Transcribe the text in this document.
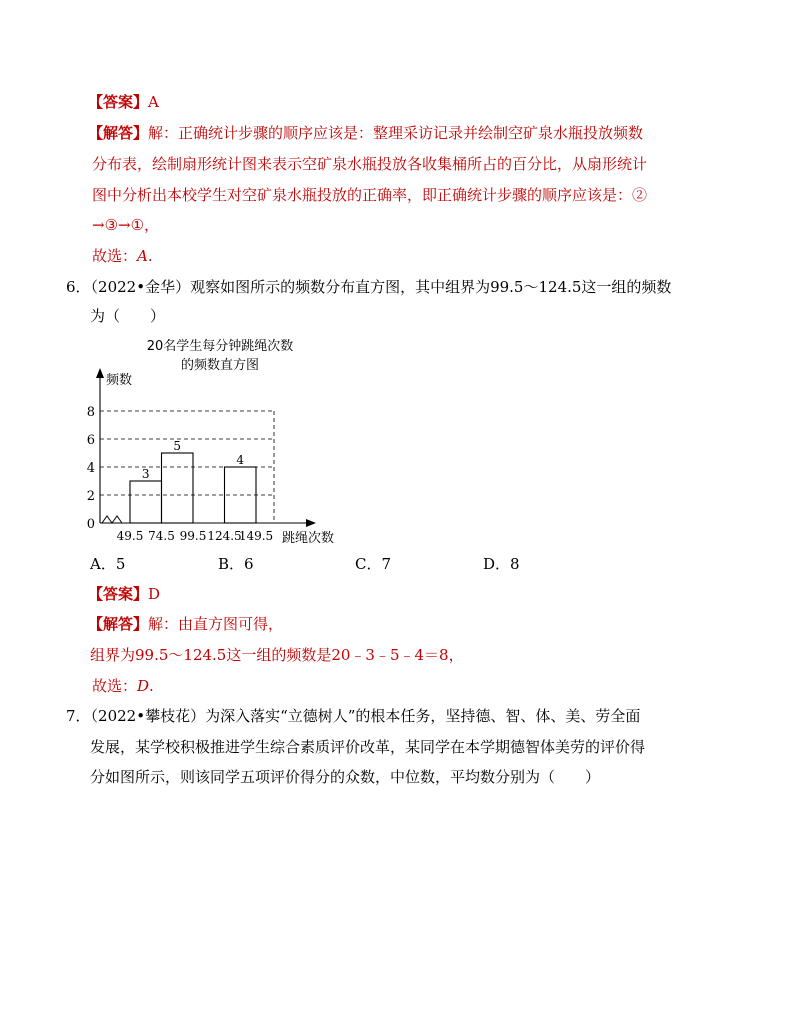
【答案】A
【解答】解：正确统计步骤的顺序应该是：整理采访记录并绘制空矿泉水瓶投放频数
分布表，绘制扇形统计图来表示空矿泉水瓶投放各收集桶所占的百分比，从扇形统计
图中分析出本校学生对空矿泉水瓶投放的正确率，即正确统计步骤的顺序应该是：②
→③→①，
故选：A.
6．（2022•金华）观察如图所示的频数分布直方图，其中组界为99.5～124.5这一组的频数
为（　　）
20名学生每分钟跳绳次数
的频数直方图
3
5
4
0
2
4
6
8
49.5 74.5 99.5 124.5
149.5
频数
跳绳次数
A．5	B．6	C．7	D．8
【答案】D
【解答】解：由直方图可得，
组界为99.5～124.5这一组的频数是20﹣3﹣5﹣4＝8，
故选：D.
7．（2022•攀枝花）为深入落实“立德树人”的根本任务，坚持德、智、体、美、劳全面
发展，某学校积极推进学生综合素质评价改革，某同学在本学期德智体美劳的评价得
分如图所示，则该同学五项评价得分的众数，中位数，平均数分别为（　　）
